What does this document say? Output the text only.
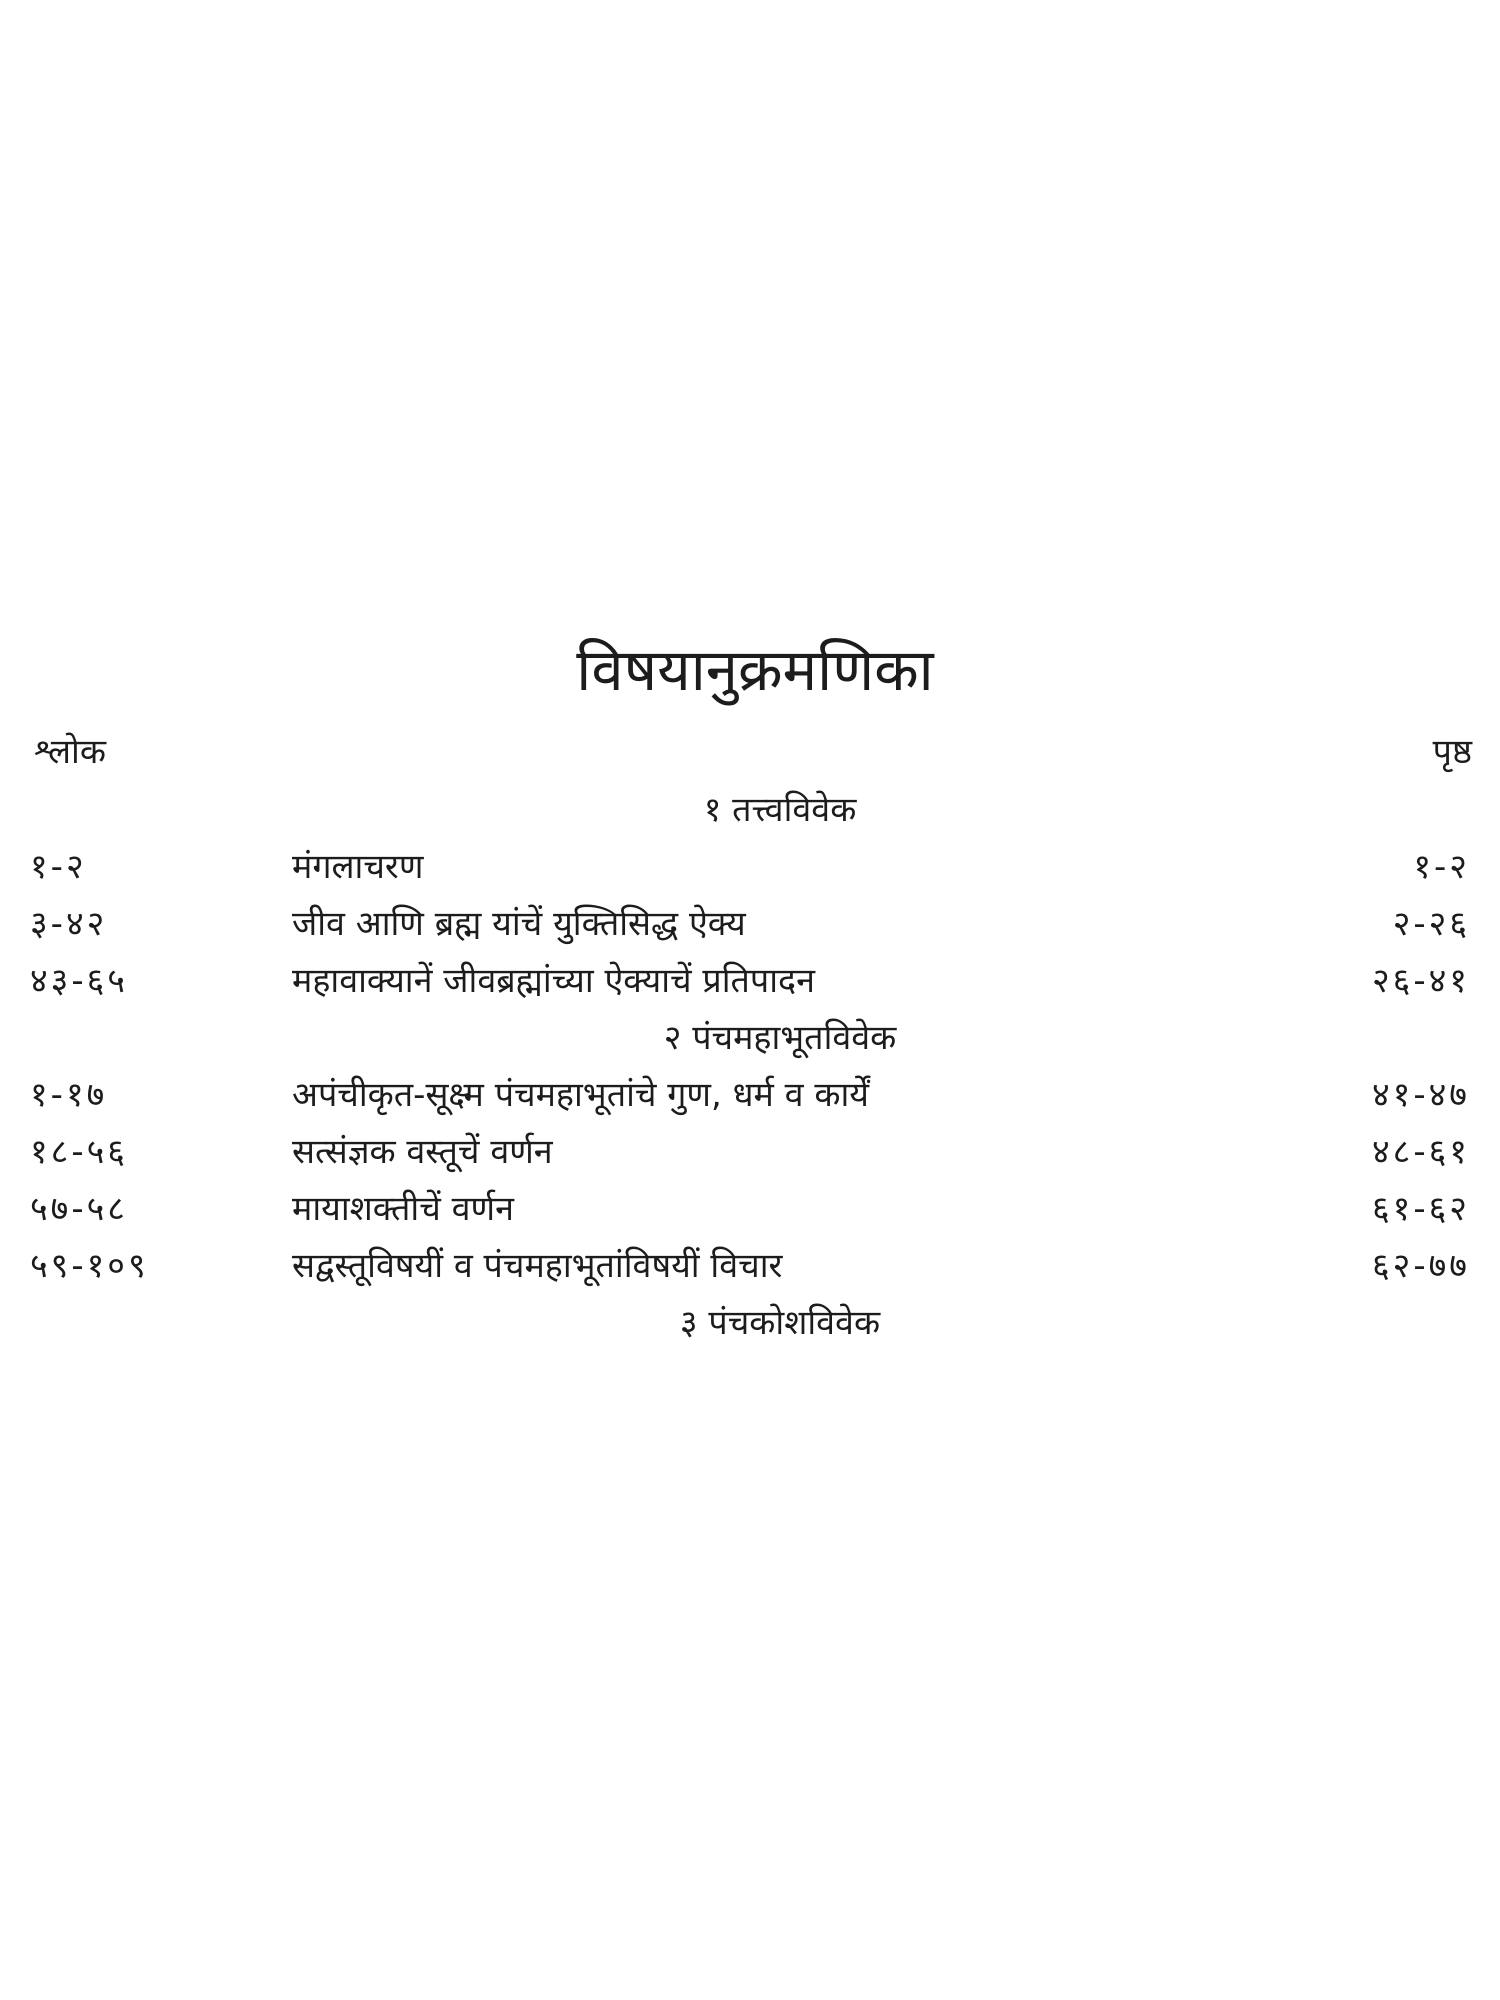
विषयानुक्रमणिका
श्लोक	पृष्ठ
१ तत्त्वविवेक
१-२	मंगलाचरण	१-२
३-४२	जीव आणि ब्रह्म यांचें युक्तिसिद्ध ऐक्य	२-२६
४३-६५	महावाक्यानें जीवब्रह्मांच्या ऐक्याचें प्रतिपादन	२६-४१
२ पंचमहाभूतविवेक
१-१७	अपंचीकृत-सूक्ष्म पंचमहाभूतांचे गुण, धर्म व कार्यें	४१-४७
१८-५६	सत्संज्ञक वस्तूचें वर्णन	४८-६१
५७-५८	मायाशक्तीचें वर्णन	६१-६२
५९-१०९	सद्वस्तूविषयीं व पंचमहाभूतांविषयीं विचार	६२-७७
३ पंचकोशविवेक
